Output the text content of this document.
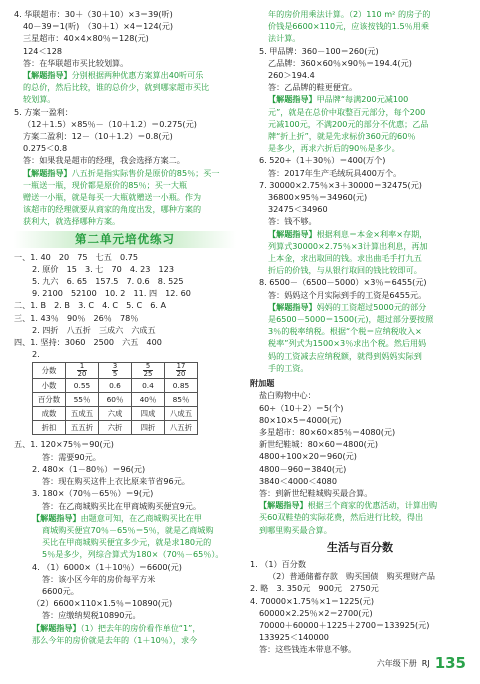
4. 华联超市：30＋（30＋10）×3＝39(听)
40－39＝1(听)　（30＋1）×4＝124(元)
三星超市：40×4×80％＝128(元)
124＜128
答：在华联超市买比较划算。
【解题指导】分别根据两种优惠方案算出40听可乐
的总价，然后比较，谁的总价少，就到哪家超市买比
较划算。
5. 方案一盈利：
（12＋1.5）×85％－（10＋1.2）＝0.275(元)
方案二盈利：12－（10＋1.2）＝0.8(元)
0.275＜0.8
答：如果我是超市的经理，我会选择方案二。
【解题指导】八五折是指实际售价是原价的85％；买一
一瓶送一瓶，现价都是原价的85％；买一大瓶
赠送一小瓶，就是每买一大瓶就赠送一小瓶。作为
该超市的经理就要从商家的角度出发，哪种方案的
获利大，就选择哪种方案。
第二单元培优练习
一、1. 40　20　75　七五　0.75
2. 原价　15　3. 七　70　4. 23　123
5. 九六　6. 65　157.5　7. 0.6　8. 525
9. 2100　52100　10. 2　11. 四　12. 60
二、1. B　2. B　3. C　4. C　5. C　6. A
三、1. 43％　90％　26％　78％
2. 四折　八五折　三成六　六成五
四、1. 坚持：3060　2500　六五　400
2.
分数	$\frac{1}{20}$	$\frac{3}{5}$	$\frac{5}{25}$	$\frac{17}{20}$

小数	0.55	0.6	0.4	0.85
百分数	55％	60％	40％	85％
成数	五成五	六成	四成	八成五
折扣	五五折	六折	四折	八五折
五、1. 120×75％＝90(元)
答：需要90元。
2. 480×（1－80％）＝96(元)
答：现在购买这件上衣比原来节省96元。
3. 180×（70％－65％）＝9(元)
答：在乙商城购买比在甲商城购买便宜9元。
【解题指导】由题意可知，在乙商城购买比在甲
商城购买便宜70％－65％＝5％，就是乙商城购
买比在甲商城购买便宜多少元，就是求180元的
5％是多少，列综合算式为180×（70％－65％）。
4. （1）6000×（1＋10％）＝6600(元)
答：该小区今年的房价每平方米
6600元。
（2）6600×110×1.5％＝10890(元)
答：应缴纳契税10890元。
【解题指导】（1）把去年的房价看作单位“1”，
那么今年的房价就是去年的（1＋10％），求今
年的房价用乘法计算。（2）110 m² 的房子的
价钱是6600×110元，应该按钱的1.5％用乘
法计算。
5. 甲品牌：360－100＝260(元)
乙品牌：360×60％×90％＝194.4(元)
260＞194.4
答：乙品牌的鞋更便宜。
【解题指导】甲品牌“每满200元减100
元”，就是在总价中取整百元部分，每个200
元减100元，不满200元的部分不优惠；乙品
牌“折上折”，就是先求标价360元的60％
是多少，再求六折后的90％是多少。
6. 520÷（1＋30％）＝400(万个)
答：2017年生产毛绒玩具400万个。
7. 30000×2.75％×3＋30000＝32475(元)
36800×95％＝34960(元)
32475＜34960
答：钱不够。
【解题指导】根据利息＝本金×利率×存期，
列算式30000×2.75％×3计算出利息，再加
上本金，求出取回的钱。求出曲毛手打九五
折后的价钱，与从银行取回的钱比较即可。
8. 6500－（6500－5000）×3％＝6455(元)
答：妈妈这个月实际到手的工资是6455元。
【解题指导】妈妈的工资超过5000元的部分
是6500－5000＝1500(元)，超过部分要按照
3％的税率纳税。根据“个税＝应纳税收入×
税率”列式为1500×3％求出个税。然后用妈
妈的工资减去应纳税额，就得到妈妈实际到
手的工资。
附加题
盐白购物中心：
60÷（10＋2）＝5(个)
80×10×5＝4000(元)
多星超市：80×60×85％＝4080(元)
新世纪鞋城：80×60＝4800(元)
4800÷100×20＝960(元)
4800－960＝3840(元)
3840＜4000＜4080
答：到新世纪鞋城购买最合算。
【解题指导】根据三个商家的优惠活动，计算出购
买60双鞋垫的实际花费，然后进行比较，得出
到哪里购买最合算。
生活与百分数
1. （1）百分数
（2）普通储蓄存款　购买国债　购买理财产品
2. 略　3. 350元　900元　2750元
4. 70000×1.75％×1＝1225(元)
60000×2.25％×2＝2700(元)
70000＋60000＋1225＋2700＝133925(元)
133925＜140000
答：这些钱连本带息不够。
六年级下册 RJ 135
